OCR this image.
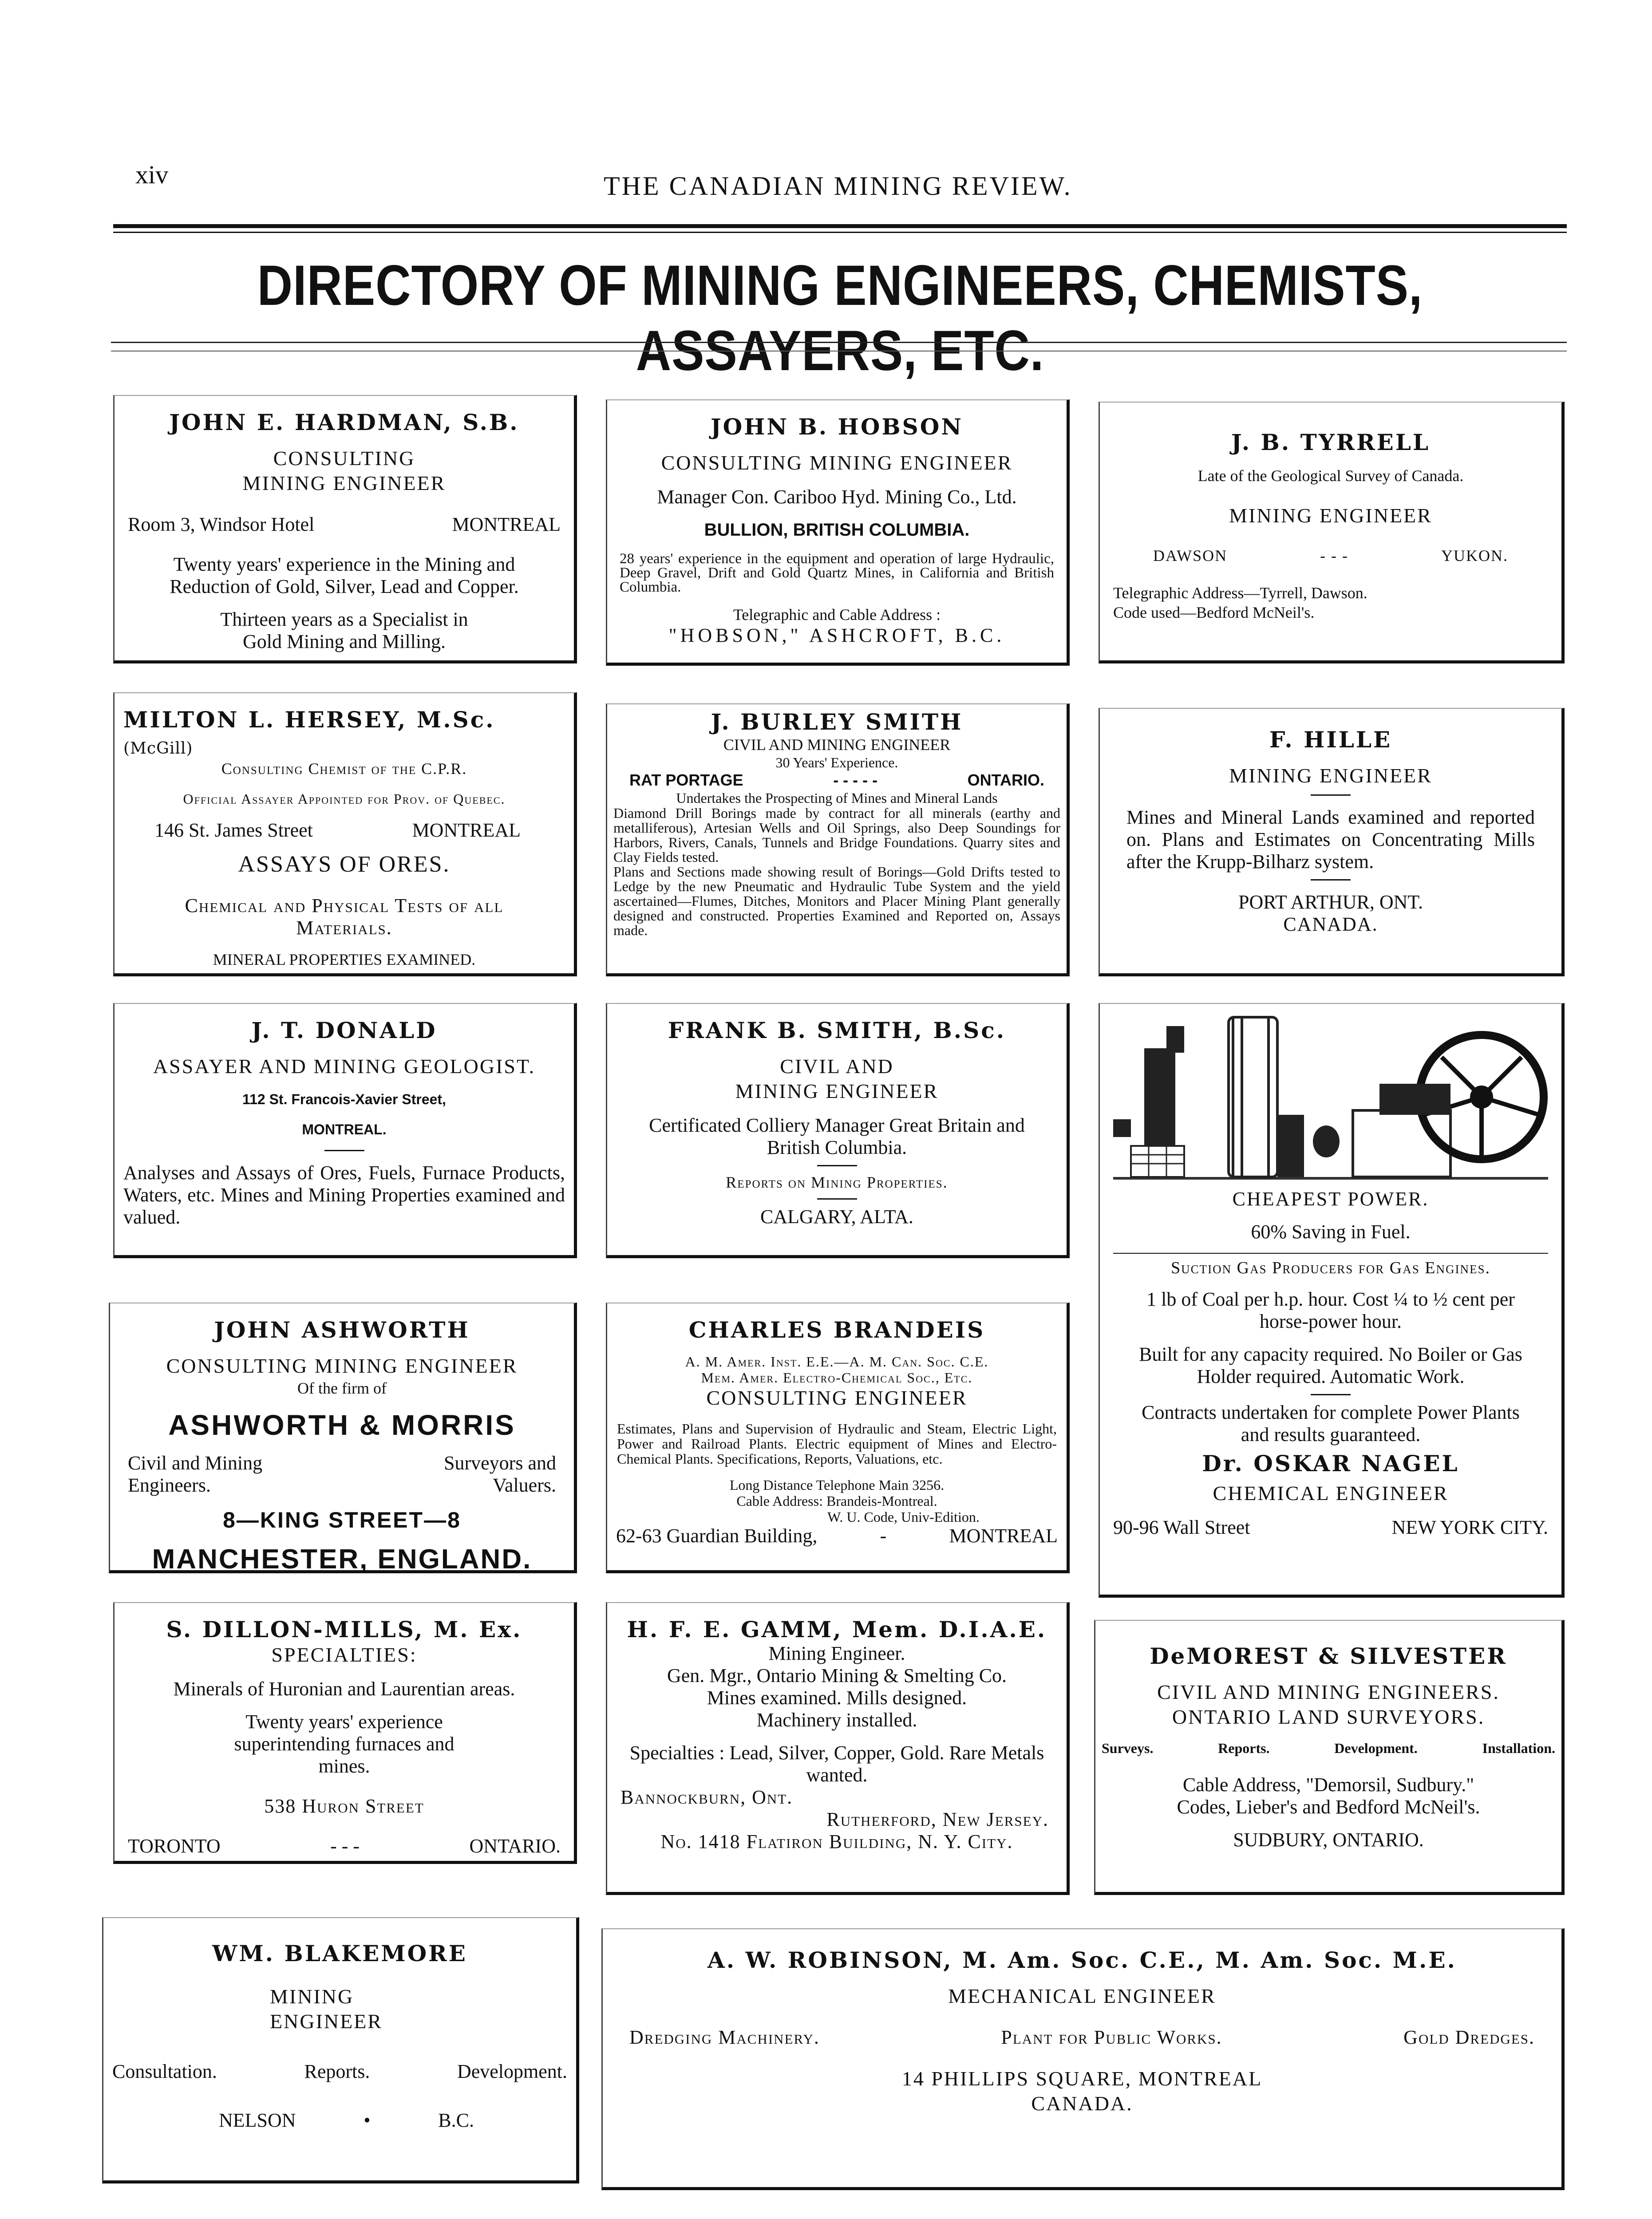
xiv	THE CANADIAN MINING REVIEW.
DIRECTORY OF MINING ENGINEERS, CHEMISTS,
JOHN E. HARDMAN, S.B.
CONSULTING
MINING ENGINEER
Room 3, Windsor Hotel	MONTREAL
Twenty years' experience in the Mining and Reduction of Gold, Silver, Lead and Copper.
Thirteen years as a Specialist in Gold Mining and Milling.
JOHN B. HOBSON
CONSULTING MINING ENGINEER
Manager Con. Cariboo Hyd. Mining Co., Ltd.
BULLION, BRITISH COLUMBIA.
28 years' experience in the equipment and operation of large Hydraulic, Deep Gravel, Drift and Gold Quartz Mines, in California and British Columbia.
Telegraphic and Cable Address :
"HOBSON," ASHCROFT, B.C.
J. B. TYRRELL
Late of the Geological Survey of Canada.
MINING ENGINEER
DAWSON	- - -	YUKON.
Telegraphic Address—Tyrrell, Dawson.
Code used—Bedford McNeil's.
MILTON L. HERSEY, M.Sc. (McGill)
Consulting Chemist of the C.P.R.
Official Assayer Appointed for Prov. of Quebec.
146 St. James Street	MONTREAL
ASSAYS OF ORES.
Chemical and Physical Tests of all Materials.
MINERAL PROPERTIES EXAMINED.
J. BURLEY SMITH
CIVIL AND MINING ENGINEER
30 Years' Experience.
RAT PORTAGE	- - - - -	ONTARIO.
Undertakes the Prospecting of Mines and Mineral Lands
Diamond Drill Borings made by contract for all minerals (earthy and metalliferous), Artesian Wells and Oil Springs, also Deep Soundings for Harbors, Rivers, Canals, Tunnels and Bridge Foundations. Quarry sites and Clay Fields tested.
Plans and Sections made showing result of Borings—Gold Drifts tested to Ledge by the new Pneumatic and Hydraulic Tube System and the yield ascertained—Flumes, Ditches, Monitors and Placer Mining Plant generally designed and constructed. Properties Examined and Reported on, Assays made.
F. HILLE
MINING ENGINEER
Mines and Mineral Lands examined and reported on. Plans and Estimates on Concentrating Mills after the Krupp-Bilharz system.
PORT ARTHUR, ONT.
CANADA.
J. T. DONALD
ASSAYER AND MINING GEOLOGIST.
112 St. Francois-Xavier Street,
MONTREAL.
Analyses and Assays of Ores, Fuels, Furnace Products, Waters, etc. Mines and Mining Properties examined and valued.
FRANK B. SMITH, B.Sc.
CIVIL AND
MINING ENGINEER
Certificated Colliery Manager Great Britain and British Columbia.
Reports on Mining Properties.
CALGARY, ALTA.
CHEAPEST POWER.
60% Saving in Fuel.
Suction Gas Producers for Gas Engines.
1 lb of Coal per h.p. hour. Cost ¼ to ½ cent per horse-power hour.
Built for any capacity required. No Boiler or Gas Holder required. Automatic Work.
Contracts undertaken for complete Power Plants and results guaranteed.
Dr. OSKAR NAGEL
CHEMICAL ENGINEER
90-96 Wall Street	NEW YORK CITY.
JOHN ASHWORTH
CONSULTING MINING ENGINEER
Of the firm of
ASHWORTH & MORRIS
Civil and Mining Engineers.
Surveyors and Valuers.
8—KING STREET—8
MANCHESTER, ENGLAND.
CHARLES BRANDEIS
A. M. Amer. Inst. E.E.—A. M. Can. Soc. C.E.
Mem. Amer. Electro-Chemical Soc., Etc.
CONSULTING ENGINEER
Estimates, Plans and Supervision of Hydraulic and Steam, Electric Light, Power and Railroad Plants. Electric equipment of Mines and Electro-Chemical Plants. Specifications, Reports, Valuations, etc.
Long Distance Telephone Main 3256.
Cable Address: Brandeis-Montreal.
W. U. Code, Univ-Edition.
62-63 Guardian Building,	-	MONTREAL
S. DILLON-MILLS, M. Ex.
SPECIALTIES:
Minerals of Huronian and Laurentian areas.
Twenty years' experience superintending furnaces and mines.
538 Huron Street
TORONTO	- - -	ONTARIO.
H. F. E. GAMM, Mem. D.I.A.E.
Mining Engineer.
Gen. Mgr., Ontario Mining & Smelting Co.
Mines examined. Mills designed. Machinery installed.
Specialties : Lead, Silver, Copper, Gold. Rare Metals wanted.
Bannockburn, Ont.
Rutherford, New Jersey.
No. 1418 Flatiron Building, N. Y. City.
DeMOREST & SILVESTER
CIVIL AND MINING ENGINEERS.
ONTARIO LAND SURVEYORS.
Surveys.	Reports.	Development.	Installation.
Cable Address, "Demorsil, Sudbury."
Codes, Lieber's and Bedford McNeil's.
SUDBURY, ONTARIO.
WM. BLAKEMORE
MINING
ENGINEER
Consultation.	Reports.	Development.
NELSON	•	B.C.
A. W. ROBINSON, M. Am. Soc. C.E., M. Am. Soc. M.E.
MECHANICAL ENGINEER
Dredging Machinery.	Plant for Public Works.	Gold Dredges.
14 PHILLIPS SQUARE, MONTREAL
CANADA.
